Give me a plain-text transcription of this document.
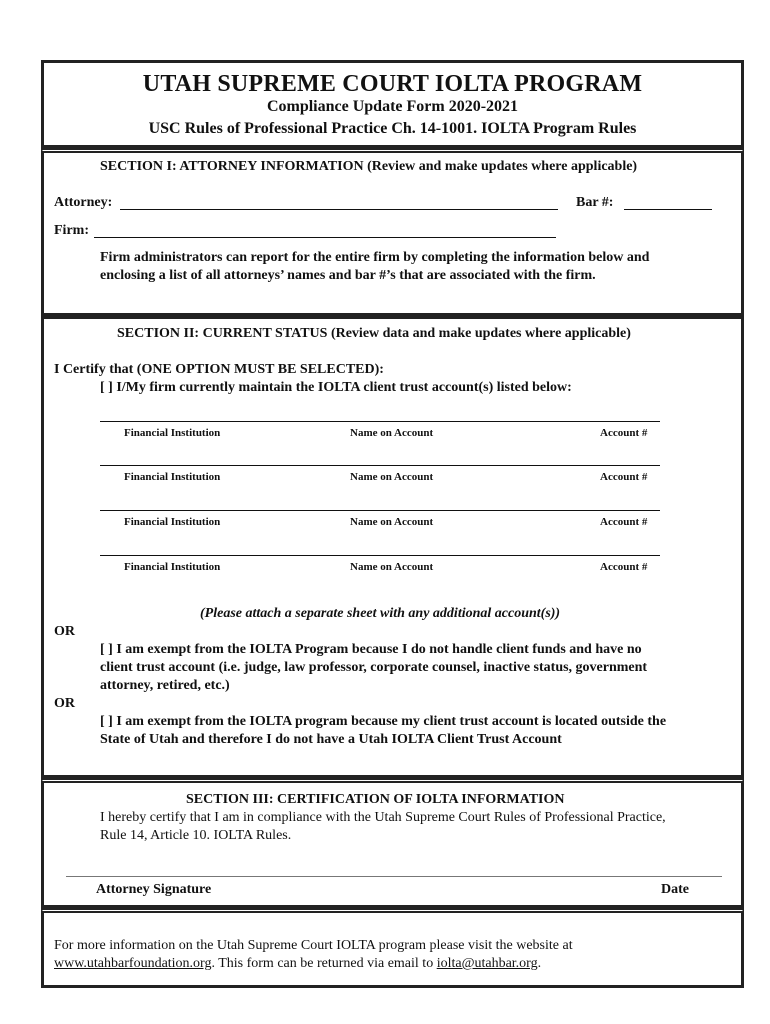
UTAH SUPREME COURT IOLTA PROGRAM
Compliance Update Form 2020-2021
USC Rules of Professional Practice Ch. 14-1001. IOLTA Program Rules
SECTION I: ATTORNEY INFORMATION (Review and make updates where applicable)
Attorney:	Bar #:
Firm:
Firm administrators can report for the entire firm by completing the information below and
enclosing a list of all attorneys’ names and bar #’s that are associated with the firm.
SECTION II: CURRENT STATUS (Review data and make updates where applicable)
I Certify that (ONE OPTION MUST BE SELECTED):
[ ] I/My firm currently maintain the IOLTA client trust account(s) listed below:
Financial Institution	Name on Account	Account #
Financial Institution	Name on Account	Account #
Financial Institution	Name on Account	Account #
Financial Institution	Name on Account	Account #
(Please attach a separate sheet with any additional account(s))
OR
[ ] I am exempt from the IOLTA Program because I do not handle client funds and have no
client trust account (i.e. judge, law professor, corporate counsel, inactive status, government
attorney, retired, etc.)
OR
[ ] I am exempt from the IOLTA program because my client trust account is located outside the
State of Utah and therefore I do not have a Utah IOLTA Client Trust Account
SECTION III: CERTIFICATION OF IOLTA INFORMATION
I hereby certify that I am in compliance with the Utah Supreme Court Rules of Professional Practice,
Rule 14, Article 10. IOLTA Rules.
Attorney Signature	Date
For more information on the Utah Supreme Court IOLTA program please visit the website at
www.utahbarfoundation.org. This form can be returned via email to iolta@utahbar.org.
